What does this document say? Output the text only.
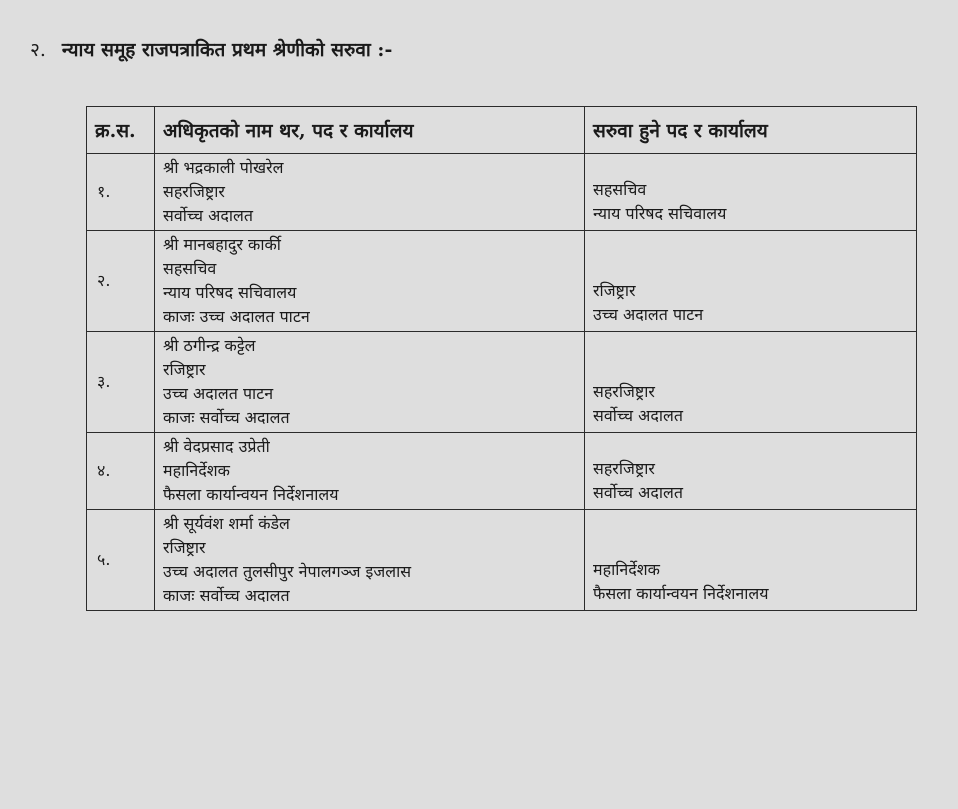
२. न्याय समूह राजपत्राकित प्रथम श्रेणीको सरुवा :-
क्र.स.	अधिकृतको नाम थर, पद र कार्यालय	सरुवा हुने पद र कार्यालय
१.	श्री भद्रकाली पोखरेल
सहरजिष्ट्रार
सर्वोच्च अदालत	सहसचिव
न्याय परिषद सचिवालय

२.	श्री मानबहादुर कार्की
सहसचिव
न्याय परिषद सचिवालय
काजः उच्च अदालत पाटन	रजिष्ट्रार
उच्च अदालत पाटन

३.	श्री ठगीन्द्र कट्टेल
रजिष्ट्रार
उच्च अदालत पाटन
काजः सर्वोच्च अदालत	सहरजिष्ट्रार
सर्वोच्च अदालत

४.	श्री वेदप्रसाद उप्रेती
महानिर्देशक
फैसला कार्यान्वयन निर्देशनालय	सहरजिष्ट्रार
सर्वोच्च अदालत

५.	श्री सूर्यवंश शर्मा कंडेल
रजिष्ट्रार
उच्च अदालत तुलसीपुर नेपालगञ्ज इजलास
काजः सर्वोच्च अदालत	महानिर्देशक
फैसला कार्यान्वयन निर्देशनालय
